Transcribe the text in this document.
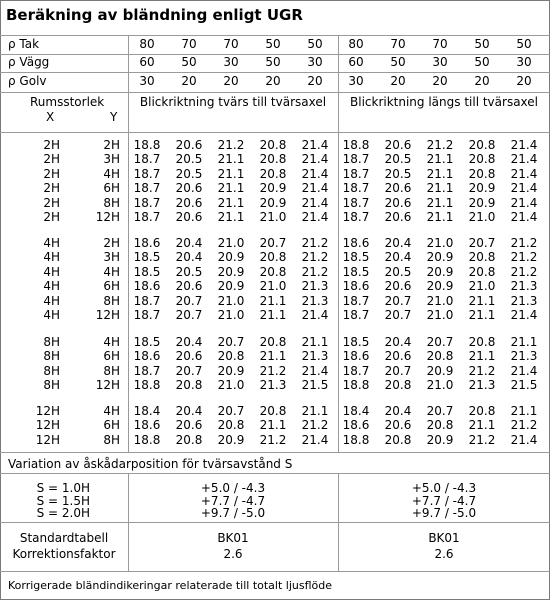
Beräkning av bländning enligt UGR
ρ Tak	80	70	70	50	50	80	70	70	50	50
ρ Vägg	60	50	30	50	30	60	50	30	50	30
ρ Golv	30	20	20	20	20	30	20	20	20	20
Rumsstorlek
X	Y
Blickriktning tvärs till tvärsaxel	Blickriktning längs till tvärsaxel
2H	2H	18.8	20.6	21.2	20.8	21.4	18.8	20.6	21.2	20.8	21.4
2H	3H	18.7	20.5	21.1	20.8	21.4	18.7	20.5	21.1	20.8	21.4
2H	4H	18.7	20.5	21.1	20.8	21.4	18.7	20.5	21.1	20.8	21.4
2H	6H	18.7	20.6	21.1	20.9	21.4	18.7	20.6	21.1	20.9	21.4
2H	8H	18.7	20.6	21.1	20.9	21.4	18.7	20.6	21.1	20.9	21.4
2H	12H	18.7	20.6	21.1	21.0	21.4	18.7	20.6	21.1	21.0	21.4
4H	2H	18.6	20.4	21.0	20.7	21.2	18.6	20.4	21.0	20.7	21.2
4H	3H	18.5	20.4	20.9	20.8	21.2	18.5	20.4	20.9	20.8	21.2
4H	4H	18.5	20.5	20.9	20.8	21.2	18.5	20.5	20.9	20.8	21.2
4H	6H	18.6	20.6	20.9	21.0	21.3	18.6	20.6	20.9	21.0	21.3
4H	8H	18.7	20.7	21.0	21.1	21.3	18.7	20.7	21.0	21.1	21.3
4H	12H	18.7	20.7	21.0	21.1	21.4	18.7	20.7	21.0	21.1	21.4
8H	4H	18.5	20.4	20.7	20.8	21.1	18.5	20.4	20.7	20.8	21.1
8H	6H	18.6	20.6	20.8	21.1	21.3	18.6	20.6	20.8	21.1	21.3
8H	8H	18.7	20.7	20.9	21.2	21.4	18.7	20.7	20.9	21.2	21.4
8H	12H	18.8	20.8	21.0	21.3	21.5	18.8	20.8	21.0	21.3	21.5
12H	4H	18.4	20.4	20.7	20.8	21.1	18.4	20.4	20.7	20.8	21.1
12H	6H	18.6	20.6	20.8	21.1	21.2	18.6	20.6	20.8	21.1	21.2
12H	8H	18.8	20.8	20.9	21.2	21.4	18.8	20.8	20.9	21.2	21.4
Variation av åskådarposition för tvärsavstånd S
S = 1.0H	+5.0 / -4.3	+5.0 / -4.3
S = 1.5H	+7.7 / -4.7	+7.7 / -4.7
S = 2.0H	+9.7 / -5.0	+9.7 / -5.0
Standardtabell	BK01	BK01
Korrektionsfaktor	2.6	2.6
Korrigerade bländindikeringar relaterade till totalt ljusflöde
